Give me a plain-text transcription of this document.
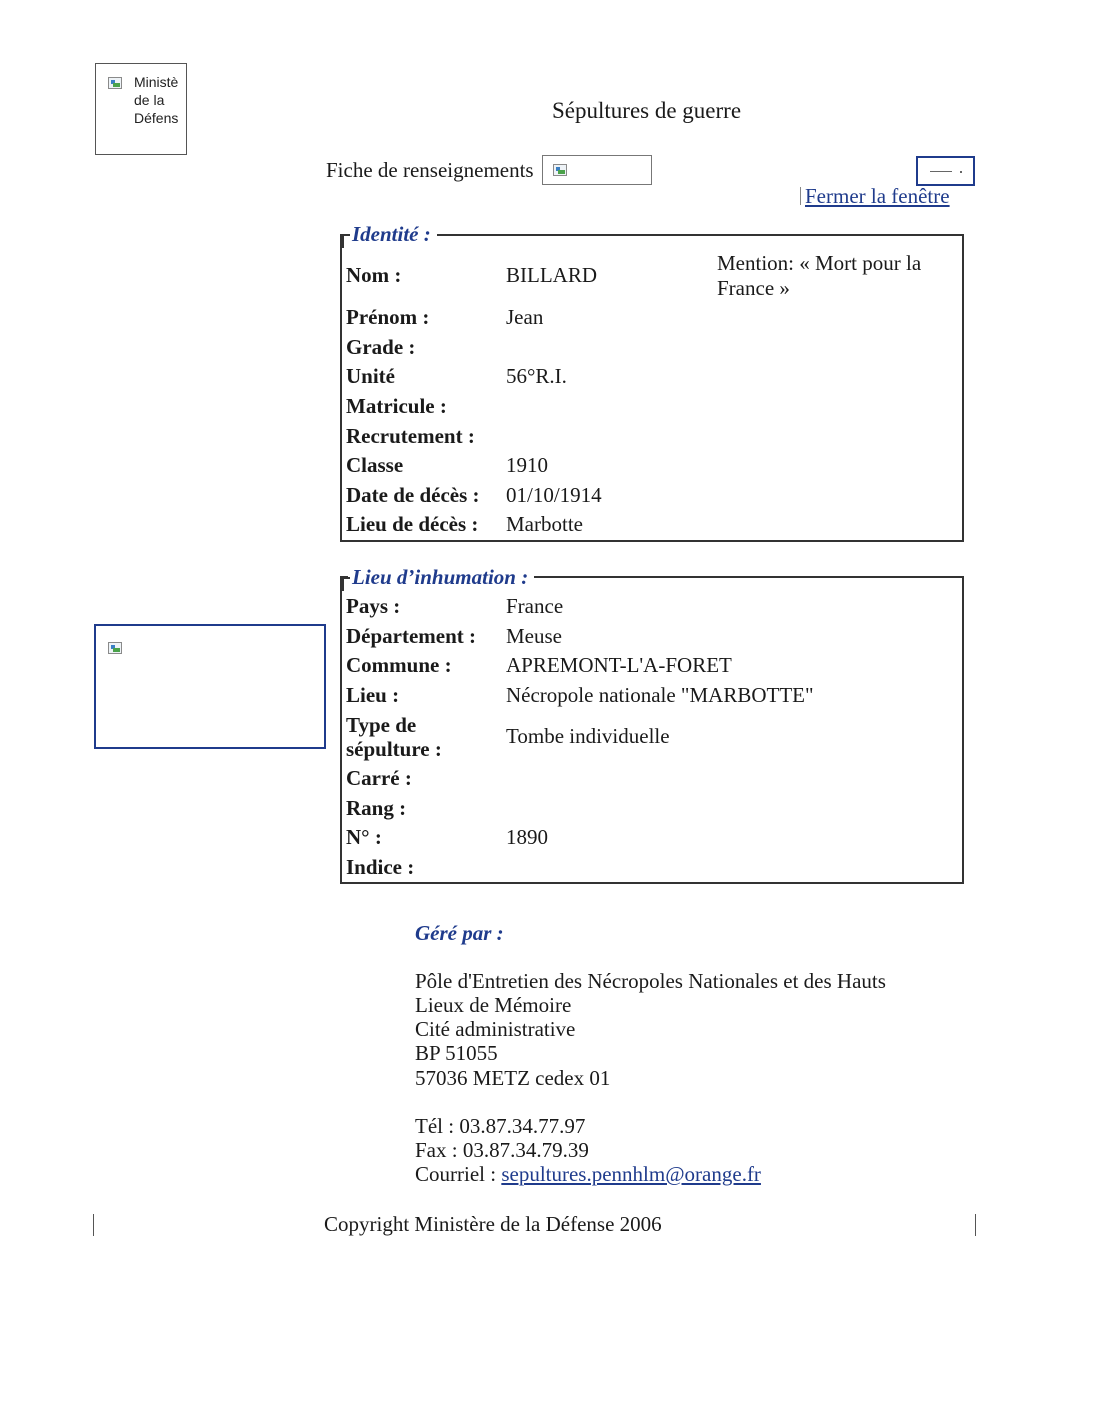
Ministè
de la
Défens	Sépultures de guerre
Fiche de renseignements
Fermer la fenêtre
Identité :
Mention: « Mort pour la France »
Nom :	BILLARD
Prénom :	Jean
Grade :
Unité	56°R.I.
Matricule :
Recrutement :
Classe	1910
Date de décès : 01/10/1914
Lieu de décès : Marbotte
Lieu d’inhumation :
Pays :	France
Département : Meuse
Commune :	APREMONT-L'A-FORET
Lieu :	Nécropole nationale "MARBOTTE"
Type de
sépulture :
Tombe individuelle
Carré :
Rang :
N° :	1890
Indice :
Géré par :
Pôle d'Entretien des Nécropoles Nationales et des Hauts
Lieux de Mémoire
Cité administrative
BP 51055
57036 METZ cedex 01
Tél : 03.87.34.77.97
Fax : 03.87.34.79.39
Courriel : sepultures.pennhlm@orange.fr
Copyright Ministère de la Défense 2006
